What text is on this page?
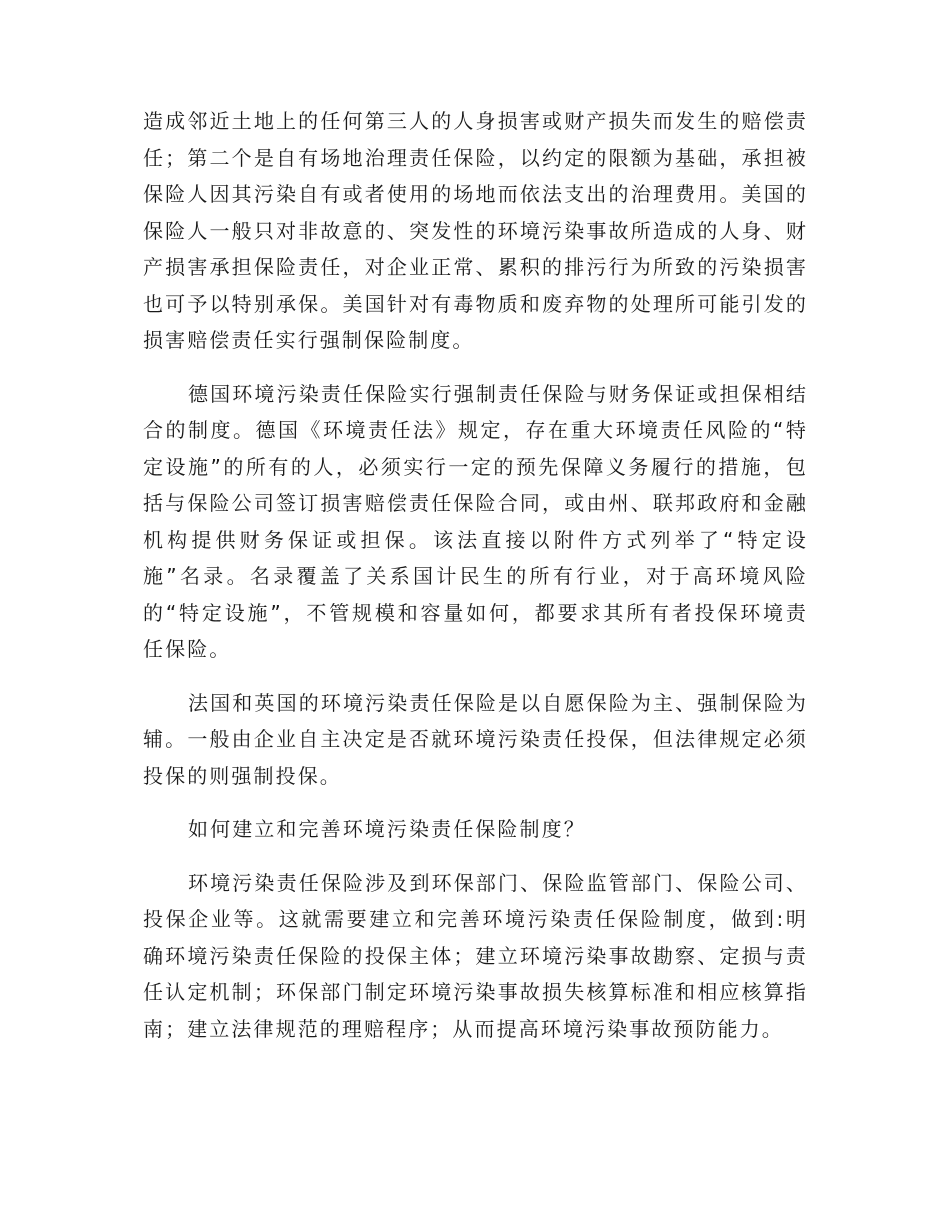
造成邻近土地上的任何第三人的人身损害或财产损失而发生的赔偿责任；第二个是自有场地治理责任保险，以约定的限额为基础，承担被保险人因其污染自有或者使用的场地而依法支出的治理费用。美国的保险人一般只对非故意的、突发性的环境污染事故所造成的人身、财产损害承担保险责任，对企业正常、累积的排污行为所致的污染损害也可予以特别承保。美国针对有毒物质和废弃物的处理所可能引发的损害赔偿责任实行强制保险制度。

德国环境污染责任保险实行强制责任保险与财务保证或担保相结合的制度。德国《环境责任法》规定，存在重大环境责任风险的“特定设施”的所有的人，必须实行一定的预先保障义务履行的措施，包括与保险公司签订损害赔偿责任保险合同，或由州、联邦政府和金融机构提供财务保证或担保。该法直接以附件方式列举了“特定设施”名录。名录覆盖了关系国计民生的所有行业，对于高环境风险的“特定设施”，不管规模和容量如何，都要求其所有者投保环境责任保险。

法国和英国的环境污染责任保险是以自愿保险为主、强制保险为辅。一般由企业自主决定是否就环境污染责任投保，但法律规定必须投保的则强制投保。

如何建立和完善环境污染责任保险制度？

环境污染责任保险涉及到环保部门、保险监管部门、保险公司、投保企业等。这就需要建立和完善环境污染责任保险制度，做到:明确环境污染责任保险的投保主体；建立环境污染事故勘察、定损与责任认定机制；环保部门制定环境污染事故损失核算标准和相应核算指南；建立法律规范的理赔程序；从而提高环境污染事故预防能力。
